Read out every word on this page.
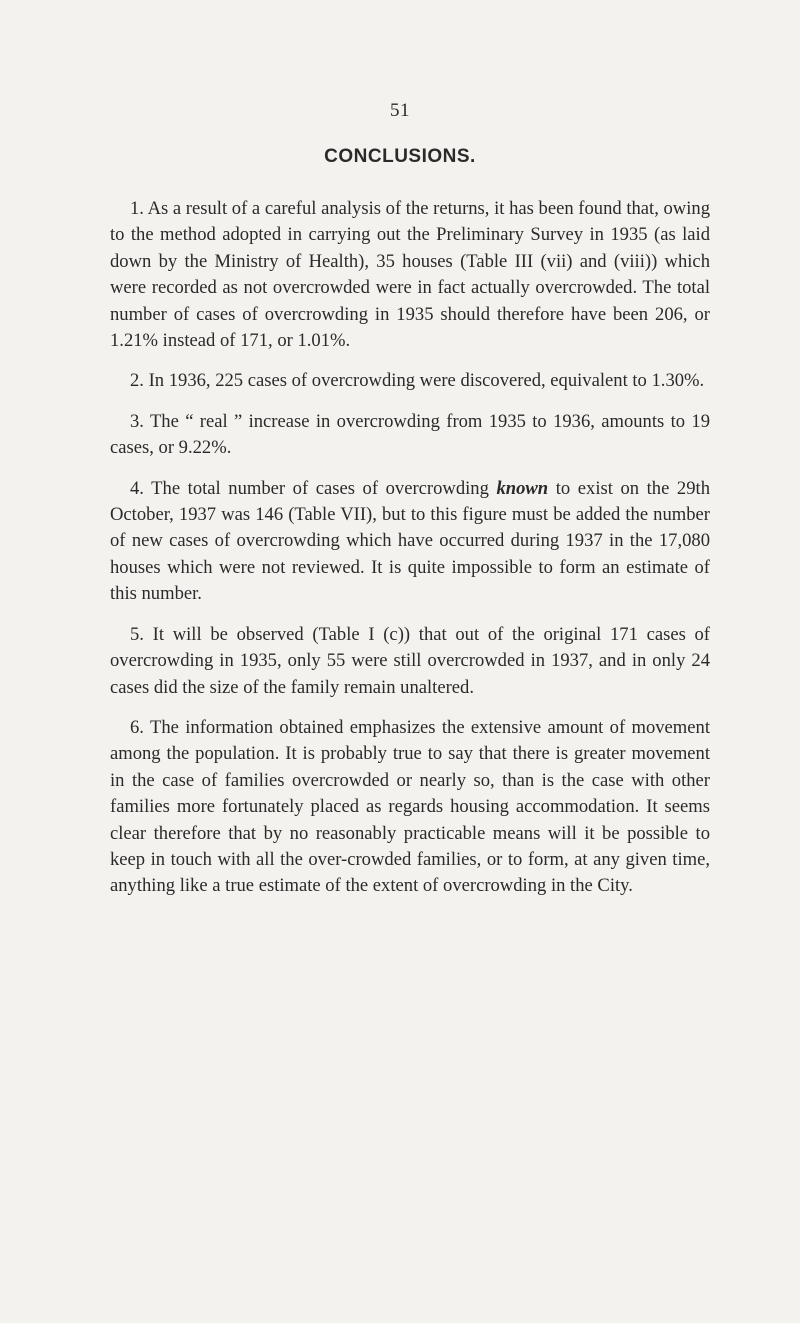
51
CONCLUSIONS.

1. As a result of a careful analysis of the returns, it has been found that, owing to the method adopted in carrying out the Preliminary Survey in 1935 (as laid down by the Ministry of Health), 35 houses (Table III (vii) and (viii)) which were recorded as not overcrowded were in fact actually overcrowded. The total number of cases of overcrowding in 1935 should therefore have been 206, or 1.21% instead of 171, or 1.01%.

2. In 1936, 225 cases of overcrowding were discovered, equivalent to 1.30%.

3. The “ real ” increase in overcrowding from 1935 to 1936, amounts to 19 cases, or 9.22%.

4. The total number of cases of overcrowding known to exist on the 29th October, 1937 was 146 (Table VII), but to this figure must be added the number of new cases of overcrowding which have occurred during 1937 in the 17,080 houses which were not reviewed. It is quite impossible to form an estimate of this number.

5. It will be observed (Table I (c)) that out of the original 171 cases of overcrowding in 1935, only 55 were still overcrowded in 1937, and in only 24 cases did the size of the family remain unaltered.

6. The information obtained emphasizes the extensive amount of movement among the population. It is probably true to say that there is greater movement in the case of families overcrowded or nearly so, than is the case with other families more fortunately placed as regards housing accommodation. It seems clear therefore that by no reasonably practicable means will it be possible to keep in touch with all the over-crowded families, or to form, at any given time, anything like a true estimate of the extent of overcrowding in the City.
